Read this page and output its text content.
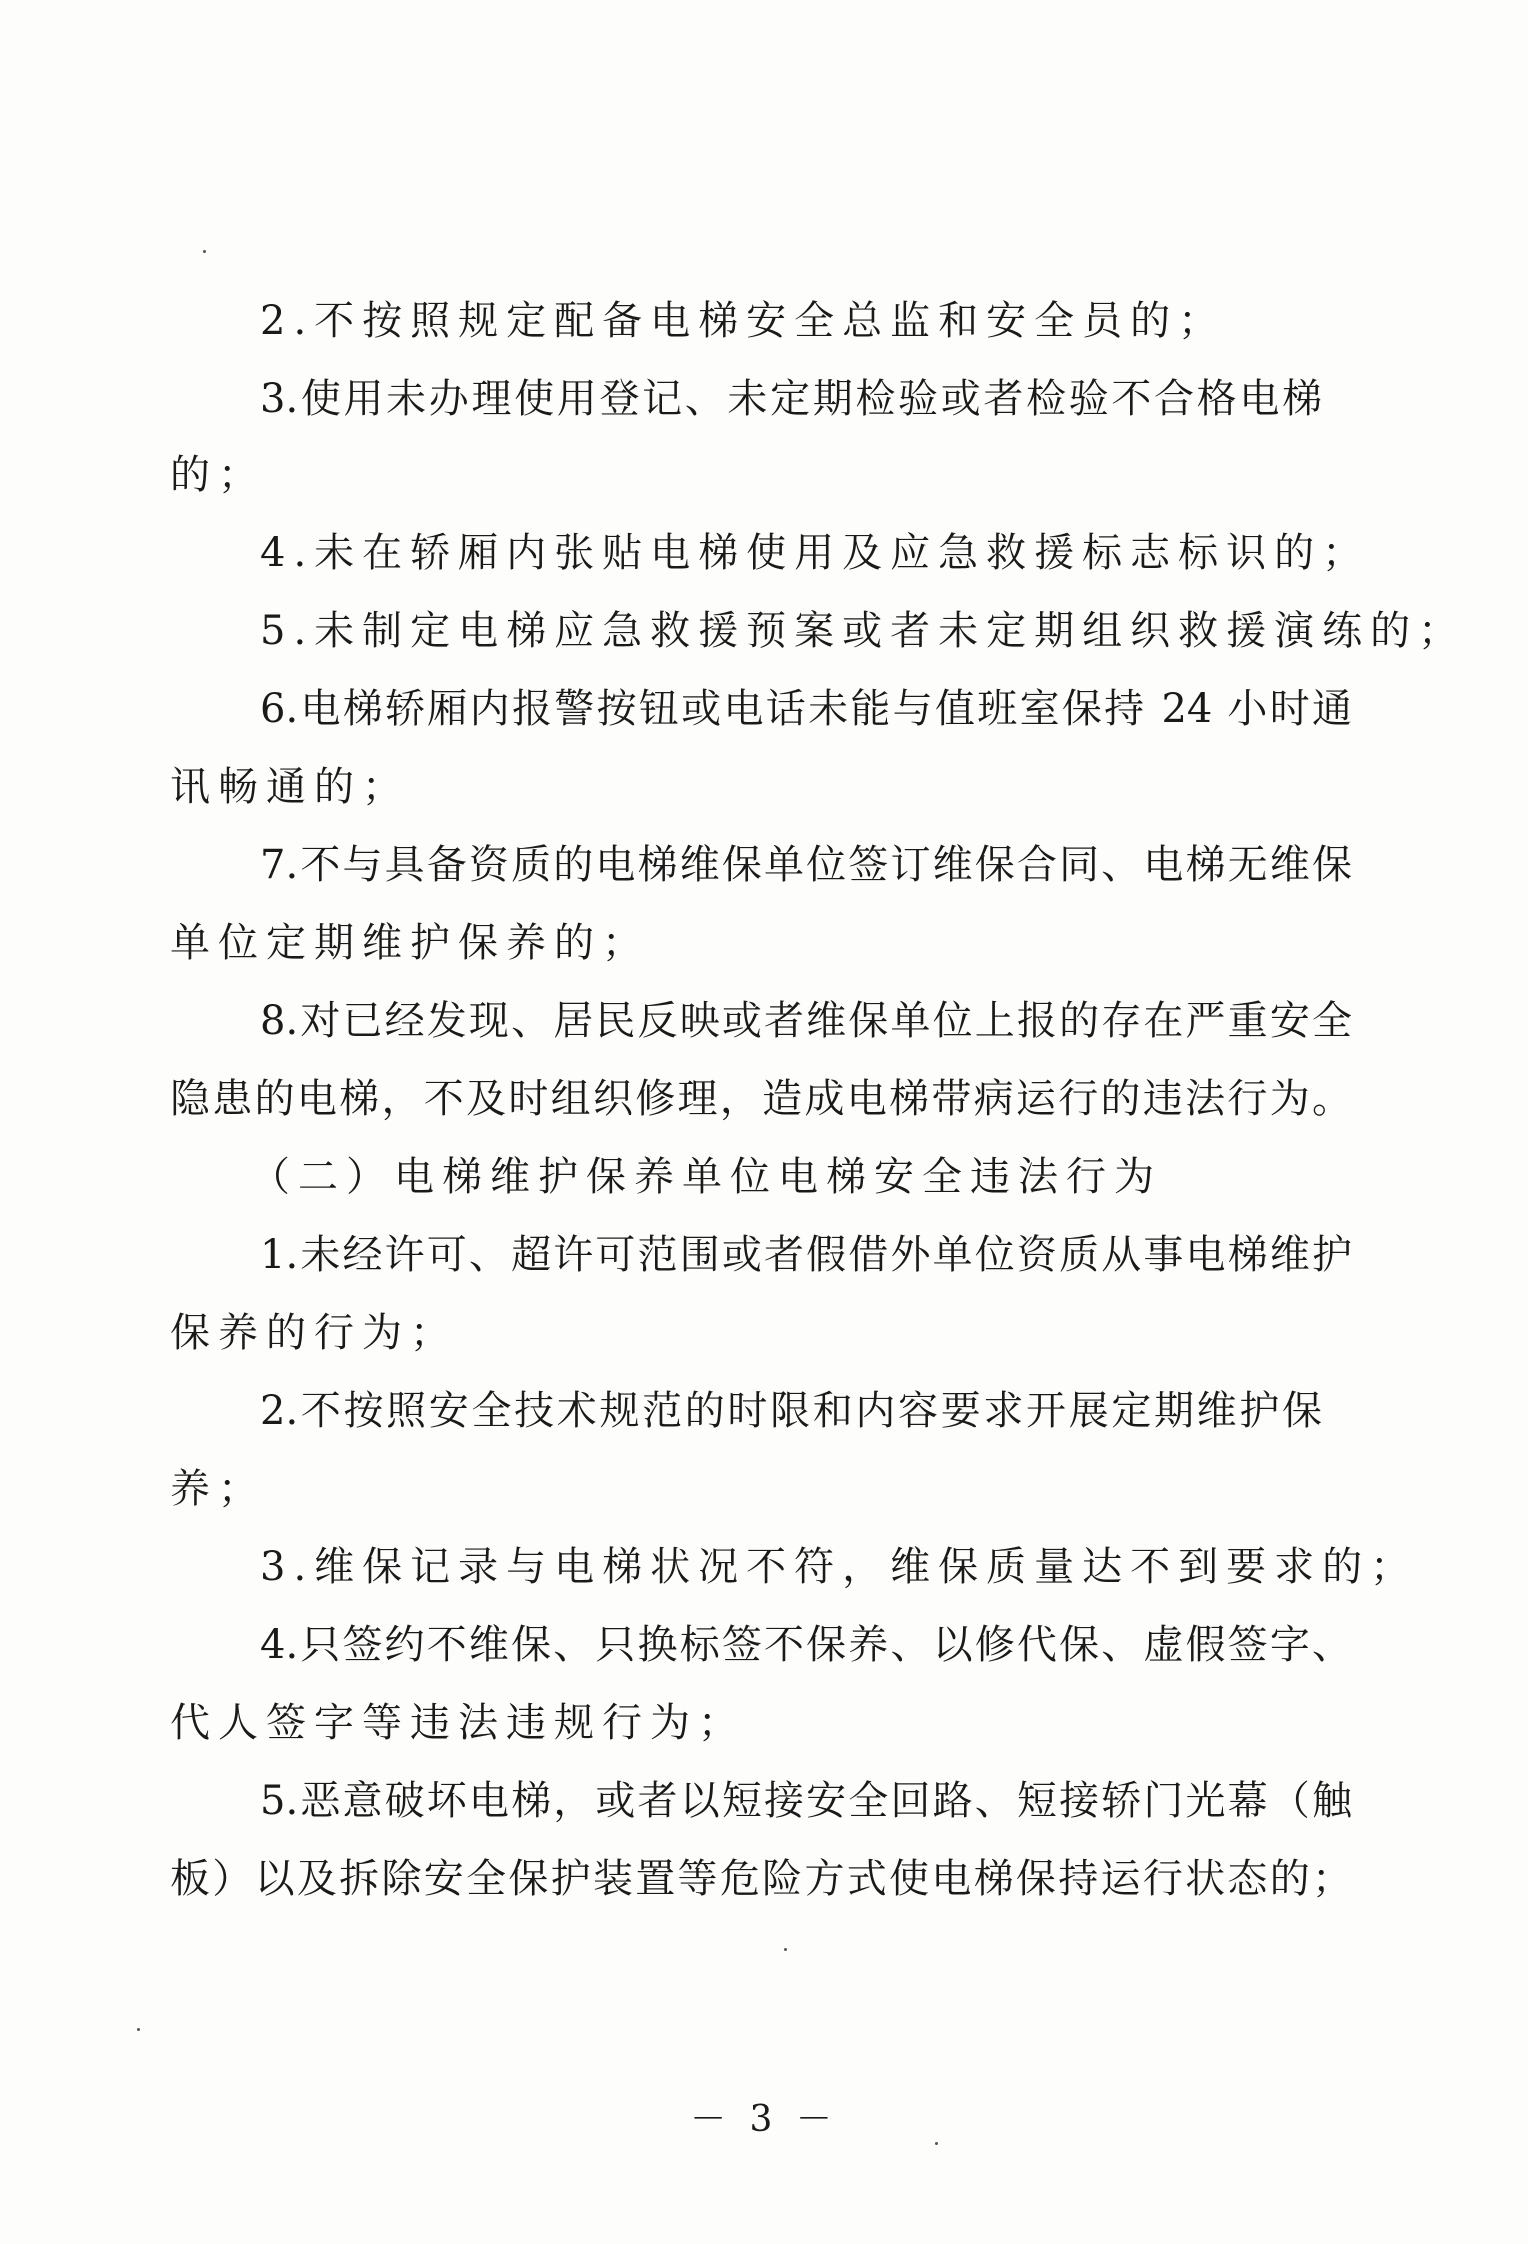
2.不按照规定配备电梯安全总监和安全员的；
3.使用未办理使用登记、未定期检验或者检验不合格电梯
的；
4.未在轿厢内张贴电梯使用及应急救援标志标识的；
5.未制定电梯应急救援预案或者未定期组织救援演练的；
6.电梯轿厢内报警按钮或电话未能与值班室保持 24 小时通
讯畅通的；
7.不与具备资质的电梯维保单位签订维保合同、电梯无维保
单位定期维护保养的；
8.对已经发现、居民反映或者维保单位上报的存在严重安全
隐患的电梯，不及时组织修理，造成电梯带病运行的违法行为。
（二）电梯维护保养单位电梯安全违法行为
1.未经许可、超许可范围或者假借外单位资质从事电梯维护
保养的行为；
2.不按照安全技术规范的时限和内容要求开展定期维护保
养；
3.维保记录与电梯状况不符，维保质量达不到要求的；
4.只签约不维保、只换标签不保养、以修代保、虚假签字、
代人签字等违法违规行为；
5.恶意破坏电梯，或者以短接安全回路、短接轿门光幕（触
板）以及拆除安全保护装置等危险方式使电梯保持运行状态的；
－ 3 －
